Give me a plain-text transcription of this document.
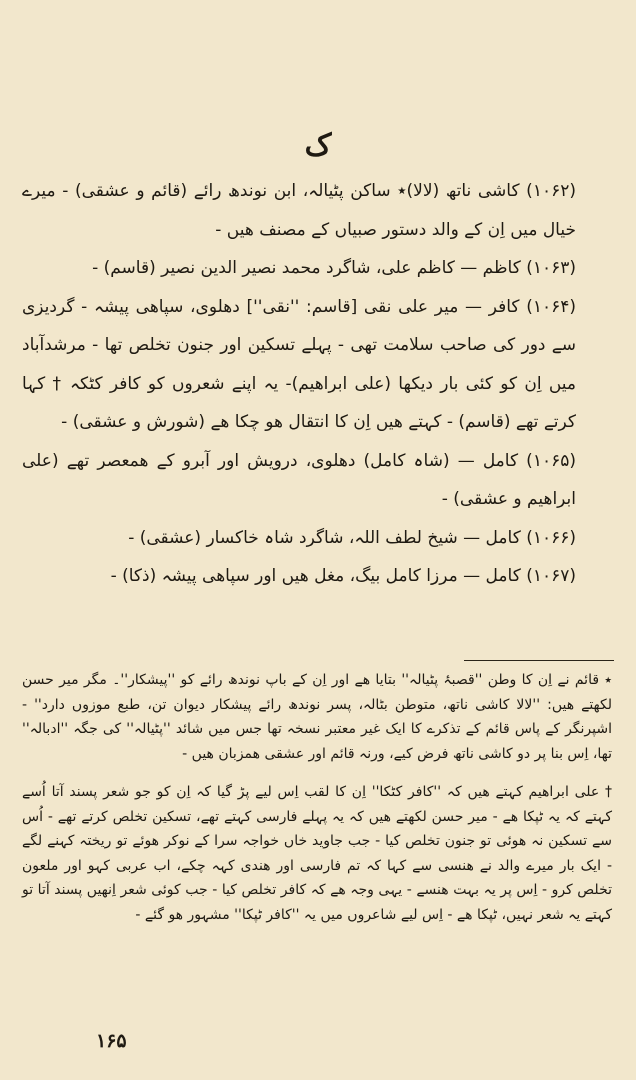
ک

(۱۰۶۲) کاشی ناتھ (لالا)٭ ساکن پٹیالہ، ابن نوندھ رائے (قائم و عشقی) - میرے خیال میں اِن کے والد دستور صبیاں کے مصنف ھیں -

(۱۰۶۳) کاظم — کاظم علی، شاگرد محمد نصیر الدین نصیر (قاسم) -

(۱۰۶۴) کافر — میر علی نقی [قاسم: ''نقی''] دھلوی، سپاھی پیشہ - گردیزی سے دور کی صاحب سلامت تھی - پہلے تسکین اور جنون تخلص تھا - مرشدآباد میں اِن کو کئی بار دیکھا (علی ابراھیم)- یہ اپنے شعروں کو کافر کٹکہ † کہا کرتے تھے (قاسم) - کہتے ھیں اِن کا انتقال ھو چکا ھے (شورش و عشقی) -

(۱۰۶۵) کامل — (شاہ کامل) دھلوی، درویش اور آبرو کے ھمعصر تھے (علی ابراھیم و عشقی) -

(۱۰۶۶) کامل — شیخ لطف اللہ، شاگرد شاہ خاکسار (عشقی) -

(۱۰۶۷) کامل — مرزا کامل بیگ، مغل ھیں اور سپاھی پیشہ (ذکا) -

٭ قائم نے اِن کا وطن ''قصبۂ پٹیالہ'' بتایا ھے اور اِن کے باپ نوندھ رائے کو ''پیشکار''۔ مگر میر حسن لکھتے ھیں: ''لالا کاشی ناتھ، متوطن بٹالہ، پسر نوندھ رائے پیشکار دیوان تن، طبع موزوں دارد'' - اشپرنگر کے پاس قائم کے تذکرے کا ایک غیر معتبر نسخہ تھا جس میں شائد ''پٹیالہ'' کی جگہ ''ادبالہ'' تھا، اِس بنا پر دو کاشی ناتھ فرض کیے، ورنہ قائم اور عشقی ھمزبان ھیں -

† علی ابراھیم کہتے ھیں کہ ''کافر کٹکا'' اِن کا لقب اِس لیے پڑ گیا کہ اِن کو جو شعر پسند آتا اُسے کہتے کہ یہ ٹپکا ھے - میر حسن لکھتے ھیں کہ یہ پہلے فارسی کہتے تھے، تسکین تخلص کرتے تھے - اُس سے تسکین نہ ھوئی تو جنون تخلص کیا - جب جاوید خاں خواجہ سرا کے نوکر ھوئے تو ریختہ کہنے لگے - ایک بار میرے والد نے ھنسی سے کہا کہ تم فارسی اور ھندی کہہ چکے، اب عربی کہو اور ملعون تخلص کرو - اِس پر یہ بہت ھنسے - یہی وجہ ھے کہ کافر تخلص کیا - جب کوئی شعر اِنھیں پسند آتا تو کہتے یہ شعر نہیں، ٹپکا ھے - اِس لیے شاعروں میں یہ ''کافر ٹپکا'' مشہور ھو گئے -

۱۶۵
